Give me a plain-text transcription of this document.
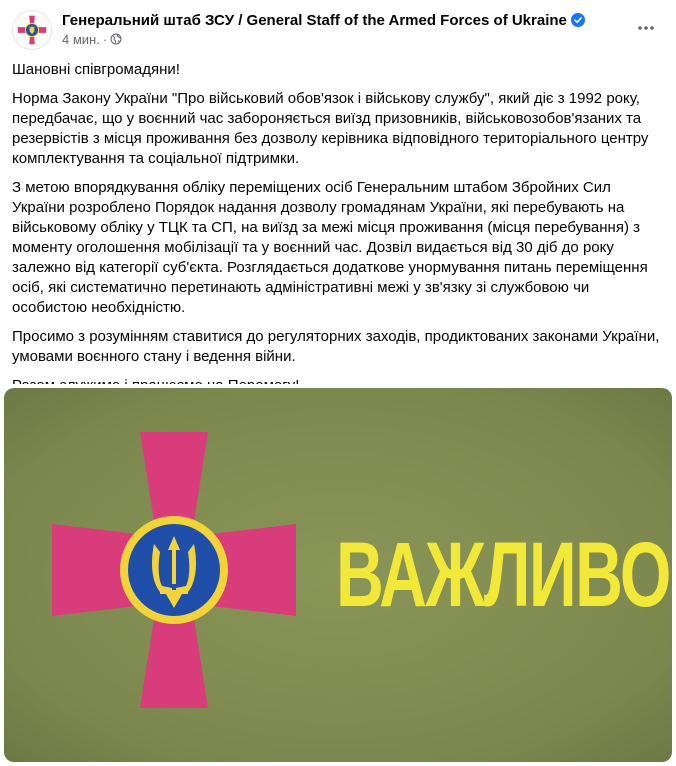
Генеральний штаб ЗСУ / General Staff of the Armed Forces of Ukraine
4 мин. ·

Шановні співгромадяни!

Норма Закону України "Про військовий обов'язок і військову службу", який діє з 1992 року, передбачає, що у воєнний час забороняється виїзд призовників, військовозобов'язаних та резервістів з місця проживання без дозволу керівника відповідного територіального центру комплектування та соціальної підтримки.

З метою впорядкування обліку переміщених осіб Генеральним штабом Збройних Сил України розроблено Порядок надання дозволу громадянам України, які перебувають на військовому обліку у ТЦК та СП, на виїзд за межі місця проживання (місця перебування) з моменту оголошення мобілізації та у воєнний час. Дозвіл видається від 30 діб до року залежно від категорії суб'єкта. Розглядається додаткове унормування питань переміщення осіб, які систематично перетинають адміністративні межі у зв'язку зі службовою чи особистою необхідністю.

Просимо з розумінням ставитися до регуляторних заходів, продиктованих законами України, умовами воєнного стану і ведення війни.

ВАЖЛИВО
